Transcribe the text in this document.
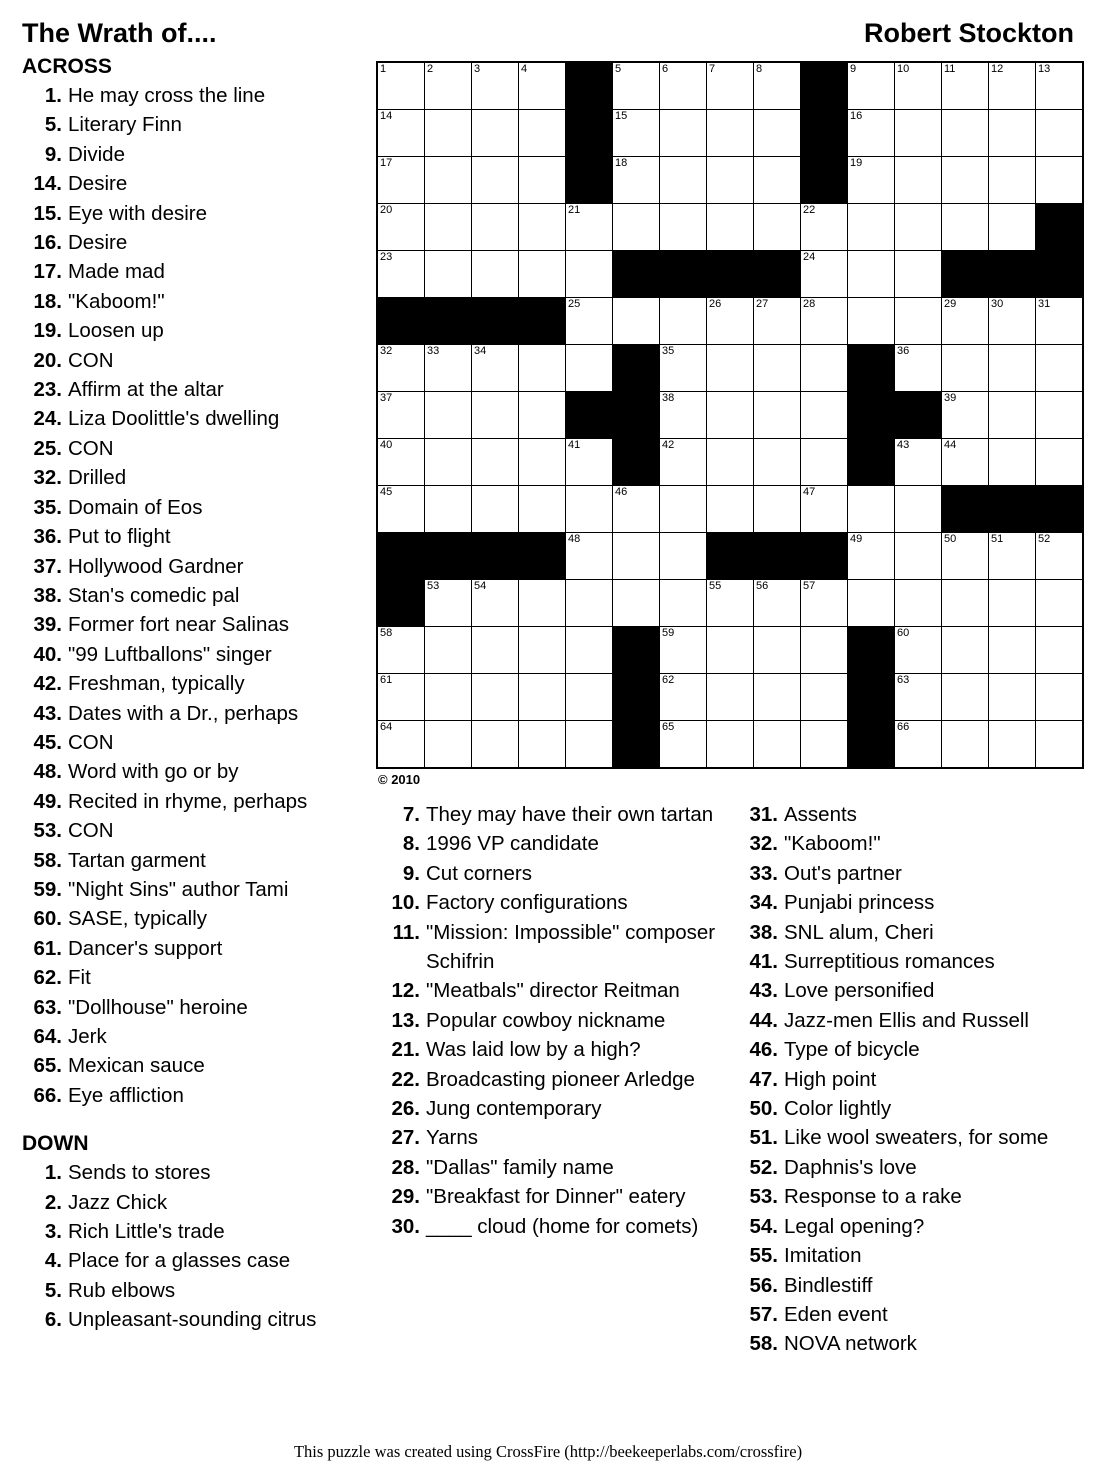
The Wrath of....	Robert Stockton
ACROSS
1. He may cross the line
5. Literary Finn
9. Divide
14. Desire
15. Eye with desire
16. Desire
17. Made mad
18. "Kaboom!"
19. Loosen up
20. CON
23. Affirm at the altar
24. Liza Doolittle's dwelling
25. CON
32. Drilled
35. Domain of Eos
36. Put to flight
37. Hollywood Gardner
38. Stan's comedic pal
39. Former fort near Salinas
40. "99 Luftballons" singer
42. Freshman, typically
43. Dates with a Dr., perhaps
45. CON
48. Word with go or by
49. Recited in rhyme, perhaps
53. CON
58. Tartan garment
59. "Night Sins" author Tami
60. SASE, typically
61. Dancer's support
62. Fit
63. "Dollhouse" heroine
64. Jerk
65. Mexican sauce
66. Eye affliction
DOWN
1. Sends to stores
2. Jazz Chick
3. Rich Little's trade
4. Place for a glasses case
5. Rub elbows
6. Unpleasant-sounding citrus
1	2	3	4		5	6	7	8		9	10	11	12	13

14					15					16				

17					18					19				

20				21					22					

23									24					

				25			26	27	28			29	30	31

32	33	34				35					36			

37						38						39		

40				41		42					43	44		

45					46				47					

				48						49		50	51	52

	53	54					55	56	57					

58						59					60			

61						62					63			

64						65					66			

© 2010
7. They may have their own tartan
8. 1996 VP candidate
9. Cut corners
10. Factory configurations
11. "Mission: Impossible" composer Schifrin
12. "Meatbals" director Reitman
13. Popular cowboy nickname
21. Was laid low by a high?
22. Broadcasting pioneer Arledge
26. Jung contemporary
27. Yarns
28. "Dallas" family name
29. "Breakfast for Dinner" eatery
30. ____ cloud (home for comets)
31. Assents
32. "Kaboom!"
33. Out's partner
34. Punjabi princess
38. SNL alum, Cheri
41. Surreptitious romances
43. Love personified
44. Jazz-men Ellis and Russell
46. Type of bicycle
47. High point
50. Color lightly
51. Like wool sweaters, for some
52. Daphnis's love
53. Response to a rake
54. Legal opening?
55. Imitation
56. Bindlestiff
57. Eden event
58. NOVA network
This puzzle was created using CrossFire (http://beekeeperlabs.com/crossfire)
